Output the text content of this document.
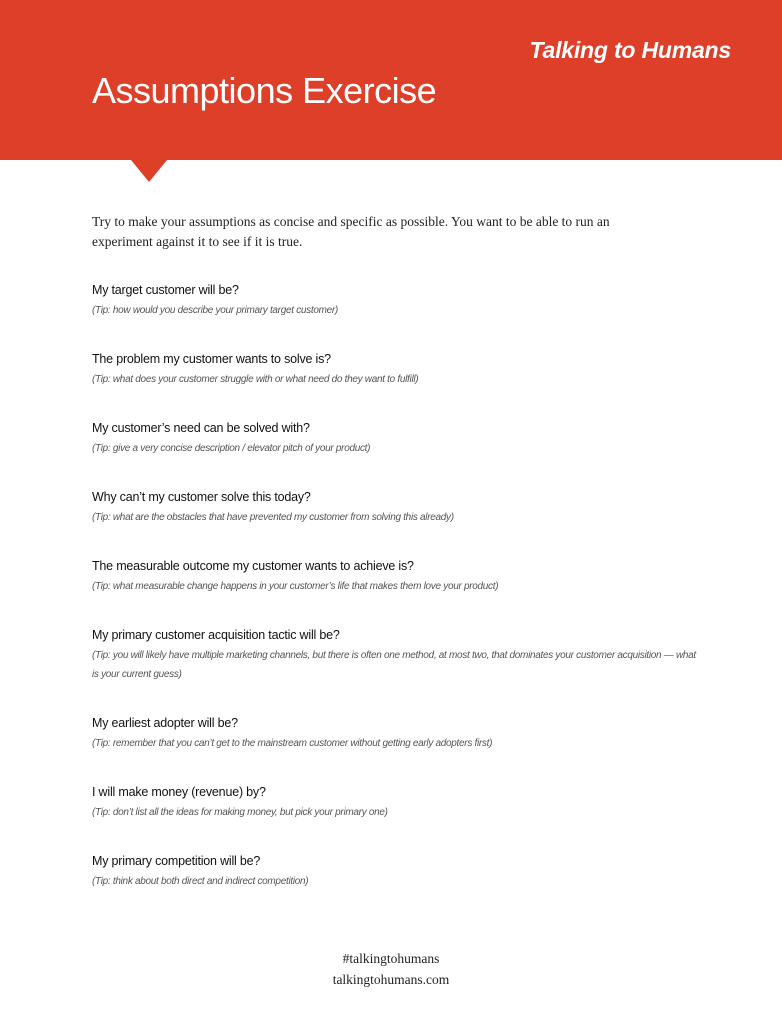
Talking to Humans
Assumptions Exercise
Try to make your assumptions as concise and specific as possible. You want to be able to run an experiment against it to see if it is true.
My target customer will be?
(Tip: how would you describe your primary target customer)
The problem my customer wants to solve is?
(Tip: what does your customer struggle with or what need do they want to fulfill)
My customer’s need can be solved with?
(Tip: give a very concise description / elevator pitch of your product)
Why can’t my customer solve this today?
(Tip: what are the obstacles that have prevented my customer from solving this already)
The measurable outcome my customer wants to achieve is?
(Tip: what measurable change happens in your customer’s life that makes them love your product)
My primary customer acquisition tactic will be?
(Tip: you will likely have multiple marketing channels, but there is often one method, at most two, that dominates your customer acquisition — what is your current guess)
My earliest adopter will be?
(Tip: remember that you can’t get to the mainstream customer without getting early adopters first)
I will make money (revenue) by?
(Tip: don’t list all the ideas for making money, but pick your primary one)
My primary competition will be?
(Tip: think about both direct and indirect competition)
#talkingtohumans
talkingtohumans.com
